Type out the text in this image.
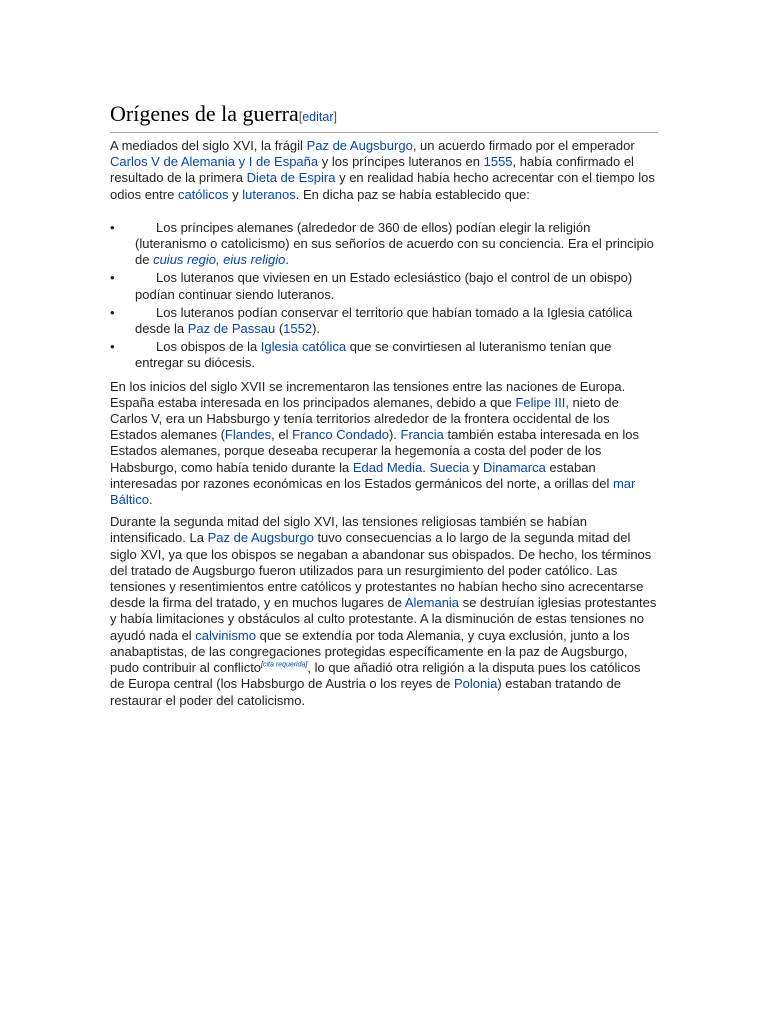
Orígenes de la guerra[editar]

A mediados del siglo XVI, la frágil Paz de Augsburgo, un acuerdo firmado por el emperador Carlos V de Alemania y I de España y los príncipes luteranos en 1555, había confirmado el resultado de la primera Dieta de Espira y en realidad había hecho acrecentar con el tiempo los odios entre católicos y luteranos. En dicha paz se había establecido que:

•	Los príncipes alemanes (alrededor de 360 de ellos) podían elegir la religión (luteranismo o catolicismo) en sus señoríos de acuerdo con su conciencia. Era el principio de cuius regio, eius religio.
•	Los luteranos que viviesen en un Estado eclesiástico (bajo el control de un obispo) podían continuar siendo luteranos.
•	Los luteranos podían conservar el territorio que habían tomado a la Iglesia católica desde la Paz de Passau (1552).
•	Los obispos de la Iglesia católica que se convirtiesen al luteranismo tenían que entregar su diócesis.

En los inicios del siglo XVII se incrementaron las tensiones entre las naciones de Europa. España estaba interesada en los principados alemanes, debido a que Felipe III, nieto de Carlos V, era un Habsburgo y tenía territorios alrededor de la frontera occidental de los Estados alemanes (Flandes, el Franco Condado). Francia también estaba interesada en los Estados alemanes, porque deseaba recuperar la hegemonía a costa del poder de los Habsburgo, como había tenido durante la Edad Media. Suecia y Dinamarca estaban interesadas por razones económicas en los Estados germánicos del norte, a orillas del mar Báltico.

Durante la segunda mitad del siglo XVI, las tensiones religiosas también se habían intensificado. La Paz de Augsburgo tuvo consecuencias a lo largo de la segunda mitad del siglo XVI, ya que los obispos se negaban a abandonar sus obispados. De hecho, los términos del tratado de Augsburgo fueron utilizados para un resurgimiento del poder católico. Las tensiones y resentimientos entre católicos y protestantes no habían hecho sino acrecentarse desde la firma del tratado, y en muchos lugares de Alemania se destruían iglesias protestantes y había limitaciones y obstáculos al culto protestante. A la disminución de estas tensiones no ayudó nada el calvinismo que se extendía por toda Alemania, y cuya exclusión, junto a los anabaptistas, de las congregaciones protegidas específicamente en la paz de Augsburgo, pudo contribuir al conflicto[cita requerida], lo que añadió otra religión a la disputa pues los católicos de Europa central (los Habsburgo de Austria o los reyes de Polonia) estaban tratando de restaurar el poder del catolicismo.
